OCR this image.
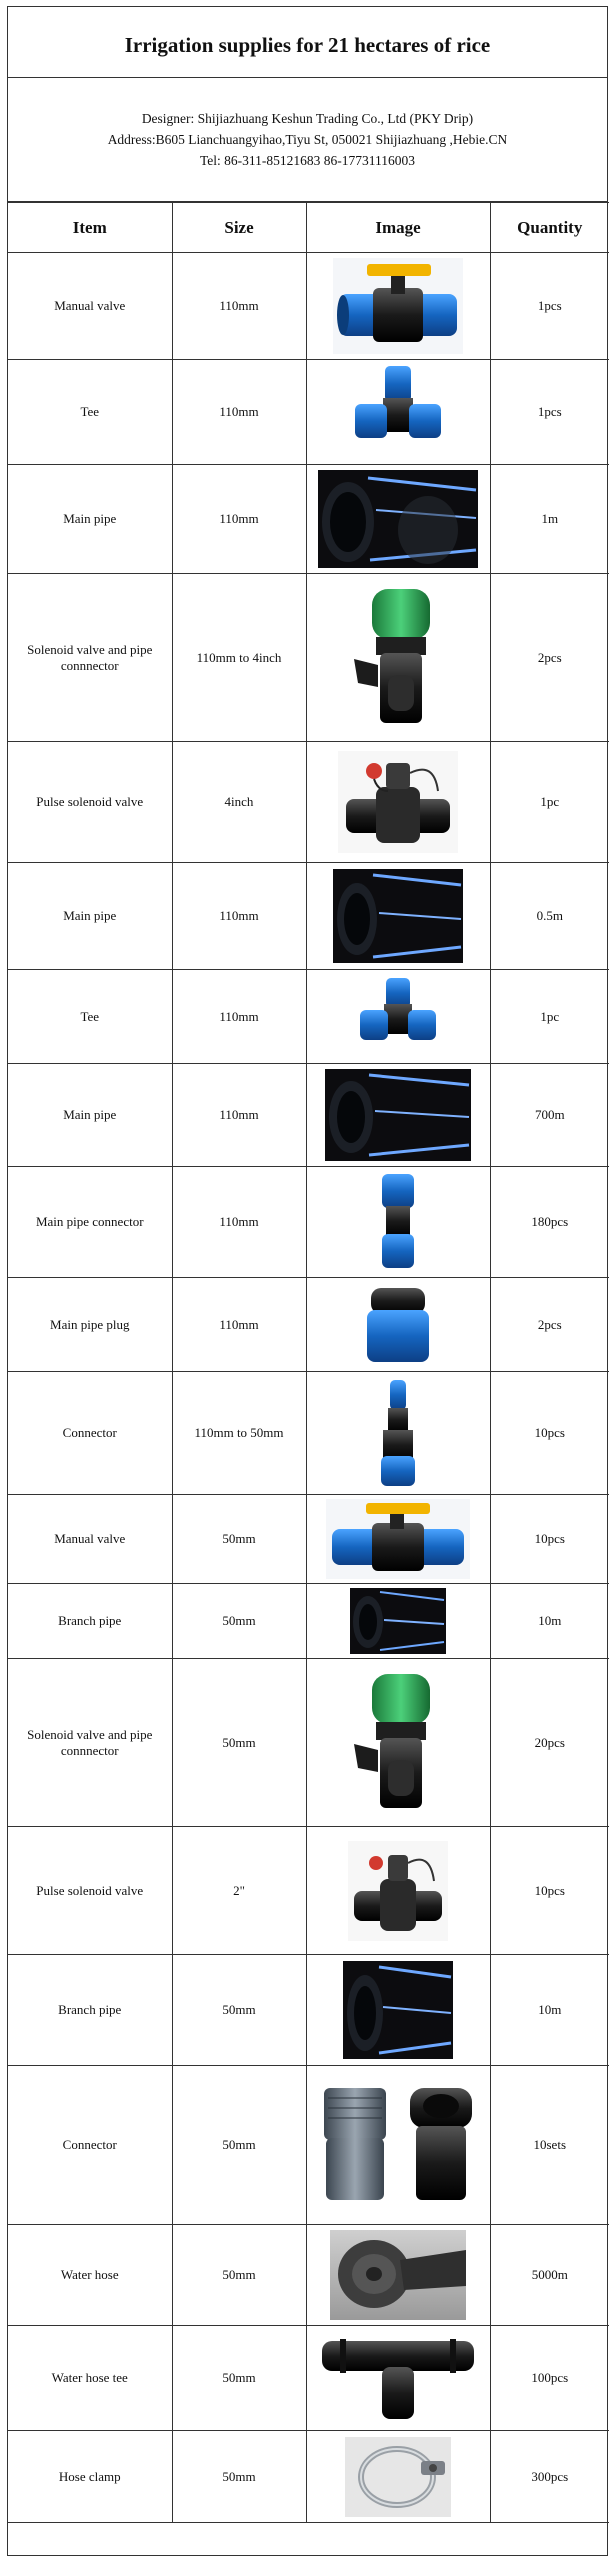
Irrigation supplies for 21 hectares of rice
Designer: Shijiazhuang Keshun Trading Co., Ltd (PKY Drip)
Address:B605 Lianchuangyihao,Tiyu St, 050021 Shijiazhuang ,Hebie.CN
Tel: 86-311-85121683 86-17731116003
Item	Size	Image	Quantity
Manual valve	110mm		1pcs
Tee	110mm		1pcs
Main pipe	110mm		1m
Solenoid valve and pipe connnector	110mm to 4inch		2pcs
Pulse solenoid valve	4inch		1pc
Main pipe	110mm		0.5m
Tee	110mm		1pc
Main pipe	110mm		700m
Main pipe connector	110mm		180pcs
Main pipe plug	110mm		2pcs
Connector	110mm to 50mm		10pcs
Manual valve	50mm		10pcs
Branch pipe	50mm		10m
Solenoid valve and pipe connnector	50mm		20pcs
Pulse solenoid valve	2"		10pcs
Branch pipe	50mm		10m
Connector	50mm		10sets
Water hose	50mm		5000m
Water hose tee	50mm		100pcs
Hose clamp	50mm		300pcs
